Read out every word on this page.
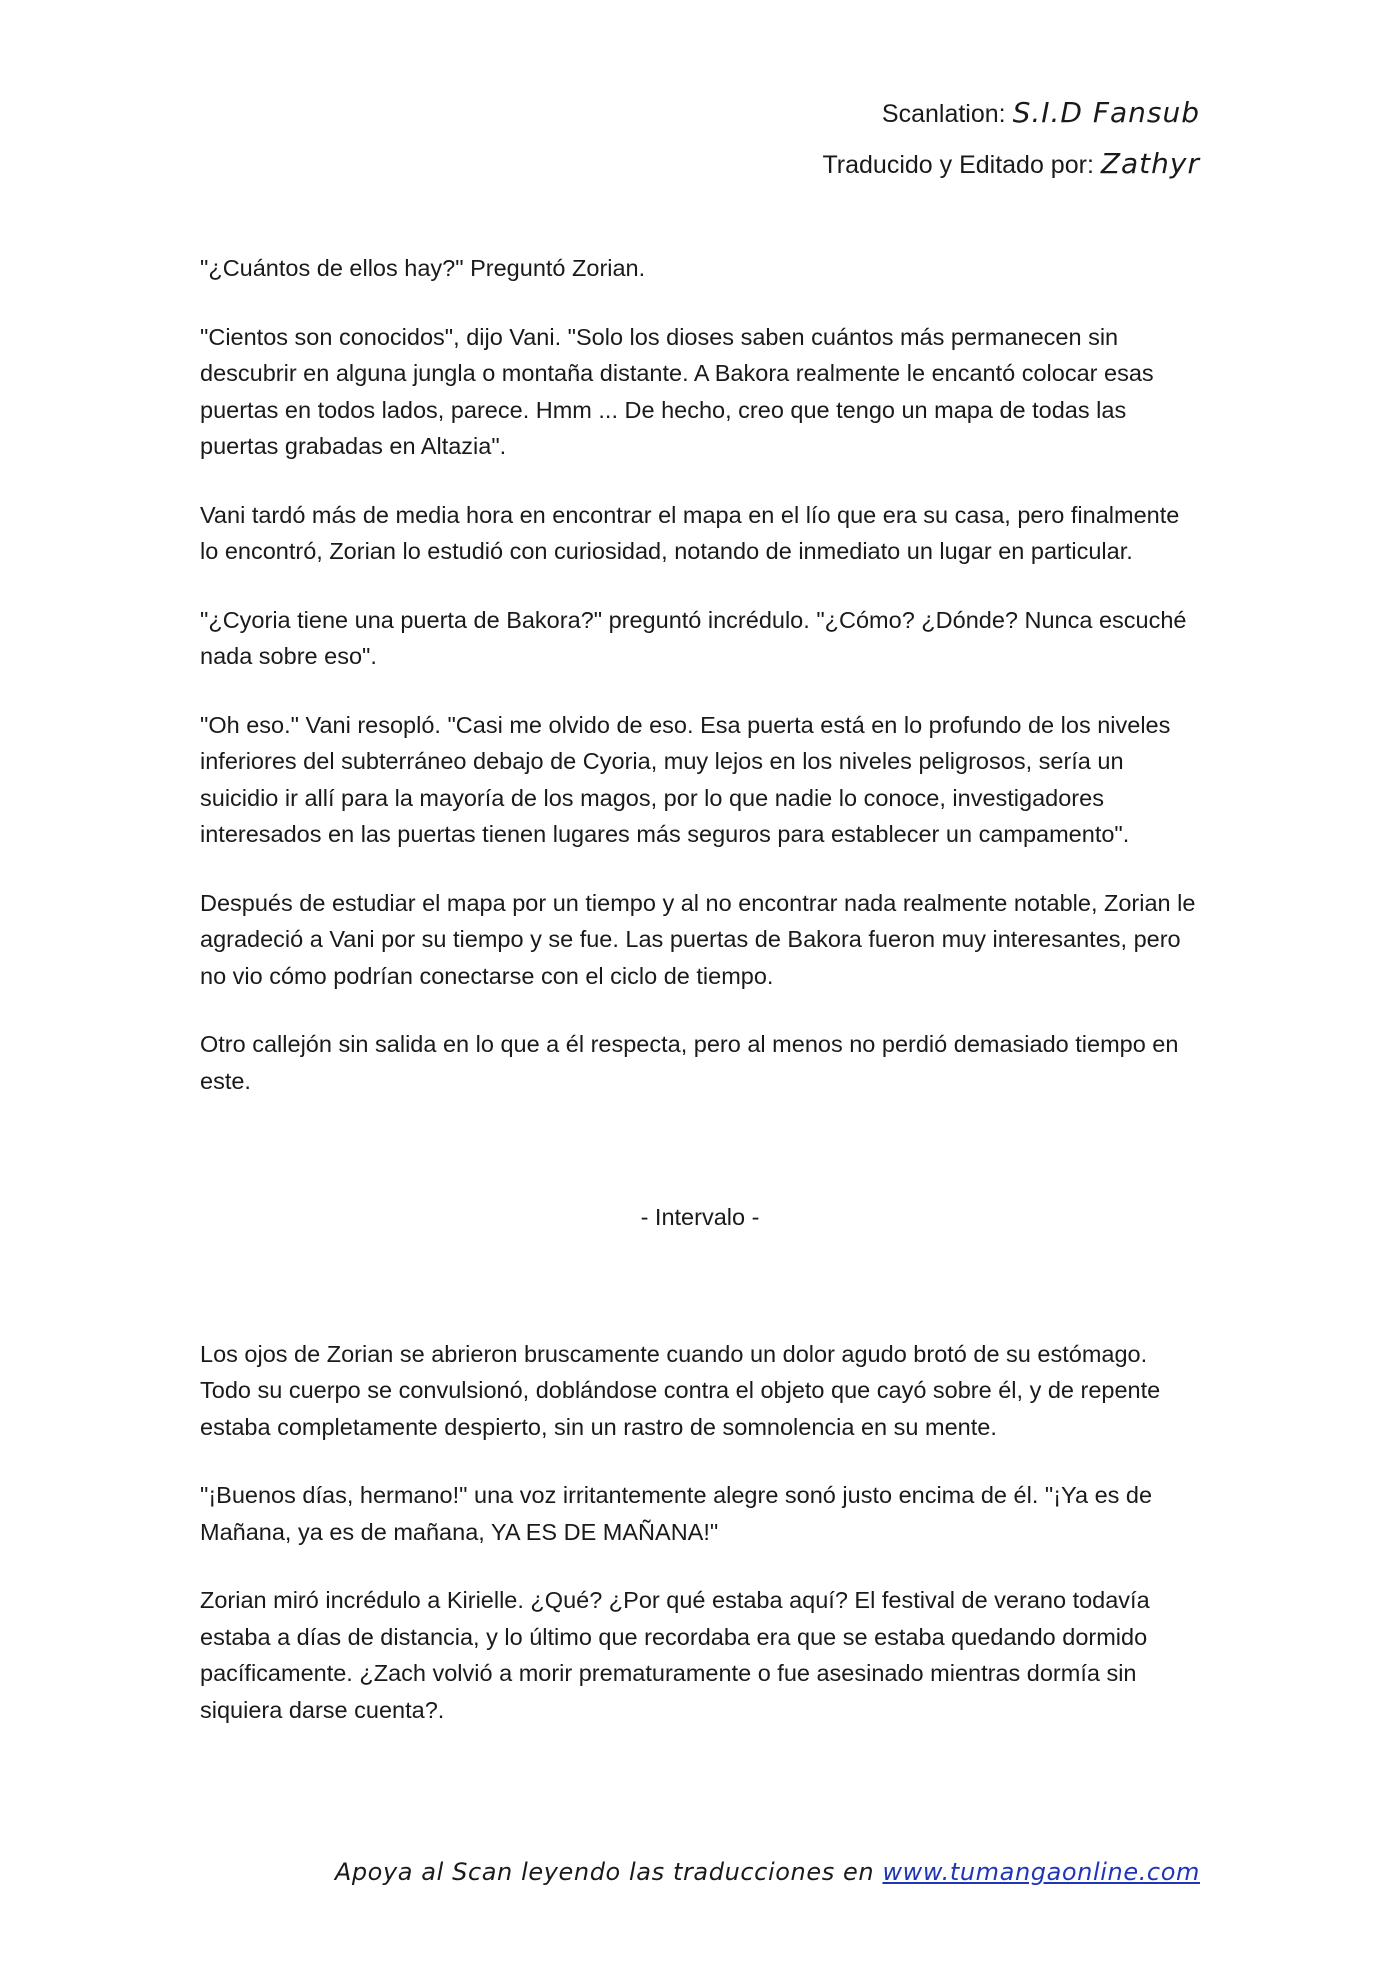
Scanlation: S.I.D Fansub
Traducido y Editado por: Zathyr

"¿Cuántos de ellos hay?" Preguntó Zorian.

"Cientos son conocidos", dijo Vani. "Solo los dioses saben cuántos más permanecen sin descubrir en alguna jungla o montaña distante. A Bakora realmente le encantó colocar esas puertas en todos lados, parece. Hmm ... De hecho, creo que tengo un mapa de todas las puertas grabadas en Altazia".

Vani tardó más de media hora en encontrar el mapa en el lío que era su casa, pero finalmente lo encontró, Zorian lo estudió con curiosidad, notando de inmediato un lugar en particular.

"¿Cyoria tiene una puerta de Bakora?" preguntó incrédulo. "¿Cómo? ¿Dónde? Nunca escuché nada sobre eso".

"Oh eso." Vani resopló. "Casi me olvido de eso. Esa puerta está en lo profundo de los niveles inferiores del subterráneo debajo de Cyoria, muy lejos en los niveles peligrosos, sería un suicidio ir allí para la mayoría de los magos, por lo que nadie lo conoce, investigadores interesados en las puertas tienen lugares más seguros para establecer un campamento".

Después de estudiar el mapa por un tiempo y al no encontrar nada realmente notable, Zorian le agradeció a Vani por su tiempo y se fue. Las puertas de Bakora fueron muy interesantes, pero no vio cómo podrían conectarse con el ciclo de tiempo.

Otro callejón sin salida en lo que a él respecta, pero al menos no perdió demasiado tiempo en este.

- Intervalo -

Los ojos de Zorian se abrieron bruscamente cuando un dolor agudo brotó de su estómago. Todo su cuerpo se convulsionó, doblándose contra el objeto que cayó sobre él, y de repente estaba completamente despierto, sin un rastro de somnolencia en su mente.

"¡Buenos días, hermano!" una voz irritantemente alegre sonó justo encima de él. "¡Ya es de Mañana, ya es de mañana, YA ES DE MAÑANA!"

Zorian miró incrédulo a Kirielle. ¿Qué? ¿Por qué estaba aquí? El festival de verano todavía estaba a días de distancia, y lo último que recordaba era que se estaba quedando dormido pacíficamente. ¿Zach volvió a morir prematuramente o fue asesinado mientras dormía sin siquiera darse cuenta?.

Apoya al Scan leyendo las traducciones en www.tumangaonline.com
